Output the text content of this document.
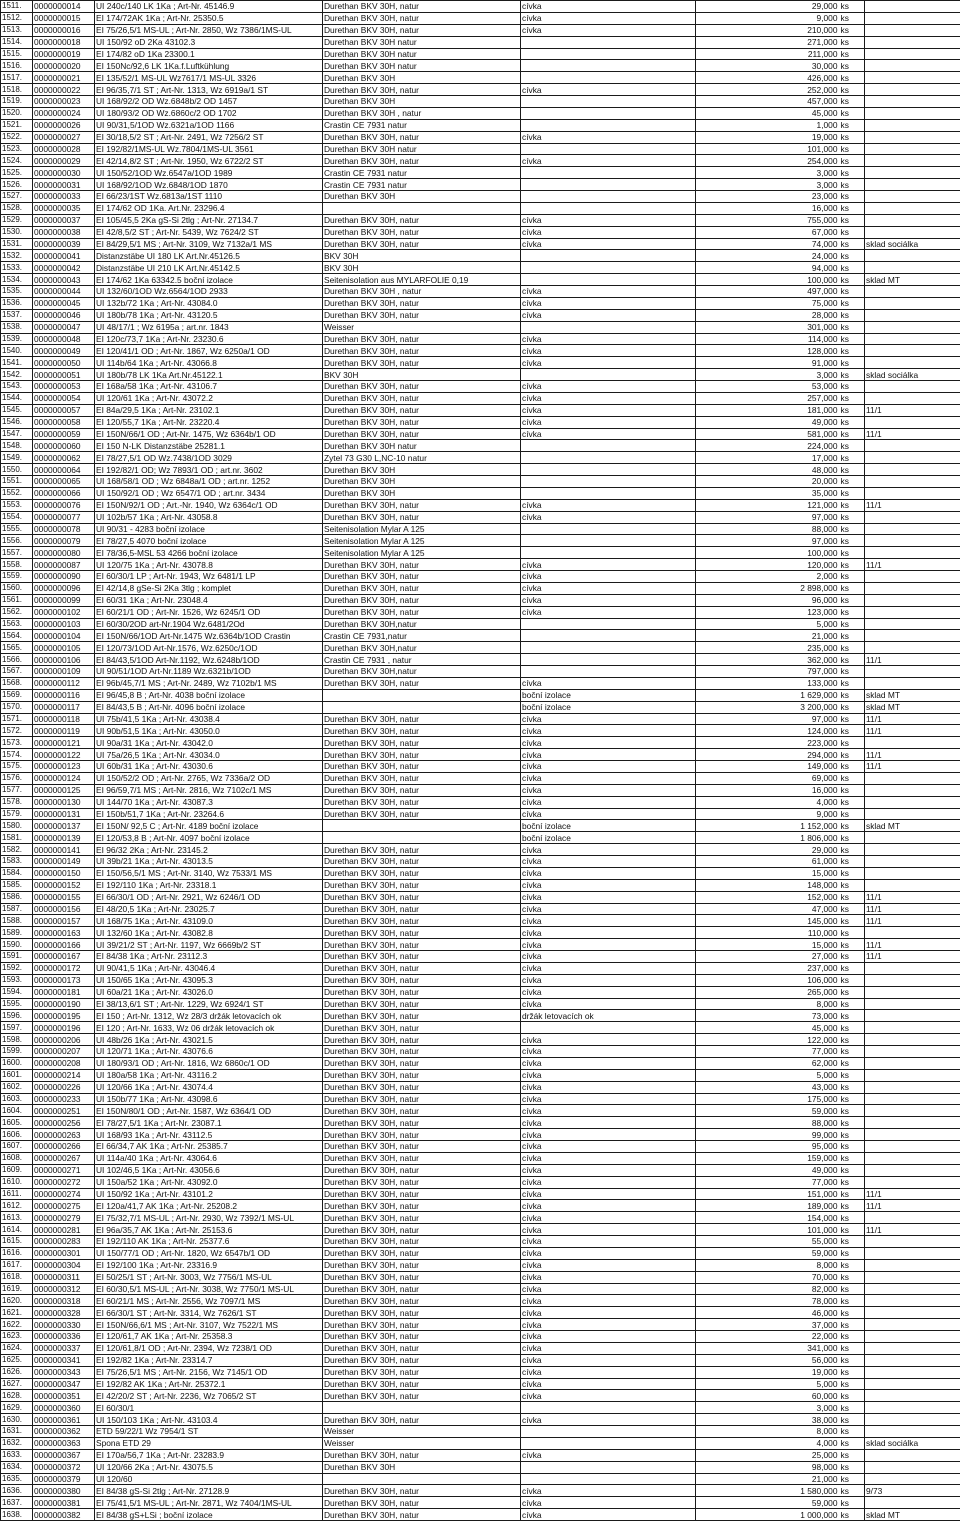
1511.	0000000014	UI 240c/140 LK 1Ka ; Art-Nr. 45146.9	Durethan BKV 30H, natur	cívka	29,000	ks	
1512.	0000000015	EI 174/72AK 1Ka ; Art-Nr. 25350.5	Durethan BKV 30H, natur	cívka	9,000	ks	
1513.	0000000016	EI 75/26,5/1 MS-UL ; Art-Nr. 2850, Wz 7386/1MS-UL	Durethan BKV 30H, natur	cívka	210,000	ks	
1514.	0000000018	UI 150/92 oD 2Ka 43102.3	Durethan BKV 30H natur		271,000	ks	
1515.	0000000019	EI 174/82 oD 1Ka 23300.1	Durethan BKV 30H natur		211,000	ks	
1516.	0000000020	EI 150Nc/92,6 LK 1Ka.f.Luftkühlung	Durethan BKV 30H natur		30,000	ks	
1517.	0000000021	EI 135/52/1 MS-UL Wz7617/1 MS-UL 3326	Durethan BKV 30H		426,000	ks	
1518.	0000000022	EI 96/35,7/1 ST ; Art-Nr. 1313, Wz 6919a/1 ST	Durethan BKV 30H, natur	cívka	252,000	ks	
1519.	0000000023	UI 168/92/2 OD Wz.6848b/2 OD 1457	Durethan BKV 30H		457,000	ks	
1520.	0000000024	UI 180/93/2 OD Wz.6860c/2 OD 1702	Durethan BKV 30H , natur		45,000	ks	
1521.	0000000026	UI 90/31,5/1OD Wz.6321a/1OD 1166	Crastin CE 7931 natur		1,000	ks	
1522.	0000000027	EI 30/18,5/2 ST ; Art-Nr. 2491, Wz 7256/2 ST	Durethan BKV 30H, natur	cívka	19,000	ks	
1523.	0000000028	EI 192/82/1MS-UL Wz.7804/1MS-UL 3561	Durethan BKV 30H natur		101,000	ks	
1524.	0000000029	EI 42/14,8/2 ST ; Art-Nr. 1950, Wz 6722/2 ST	Durethan BKV 30H, natur	cívka	254,000	ks	
1525.	0000000030	UI 150/52/1OD Wz.6547a/1OD 1989	Crastin CE 7931 natur		3,000	ks	
1526.	0000000031	UI 168/92/1OD Wz.6848/1OD 1870	Crastin CE 7931 natur		3,000	ks	
1527.	0000000033	EI 66/23/1ST Wz.6813a/1ST 1110	Durethan BKV 30H		23,000	ks	
1528.	0000000035	EI 174/62 OD 1Ka. Art.Nr. 23296.4			16,000	ks	
1529.	0000000037	EI 105/45,5 2Ka gS-Si 2tlg ; Art-Nr. 27134.7	Durethan BKV 30H, natur	cívka	755,000	ks	
1530.	0000000038	EI 42/8,5/2 ST ; Art-Nr. 5439, Wz 7624/2 ST	Durethan BKV 30H, natur	cívka	67,000	ks	
1531.	0000000039	EI 84/29,5/1 MS ; Art-Nr. 3109, Wz 7132a/1 MS	Durethan BKV 30H, natur	cívka	74,000	ks	sklad sociálka
1532.	0000000041	Distanzstäbe UI 180 LK Art.Nr.45126.5	BKV 30H		24,000	ks	
1533.	0000000042	Distanzstäbe UI 210 LK Art.Nr.45142.5	BKV 30H		94,000	ks	
1534.	0000000043	EI 174/62 1Ka 63342.5 boční izolace	Seitenisolation aus MYLARFOLIE 0,19		100,000	ks	sklad MT
1535.	0000000044	UI 132/60/1OD Wz.6564/1OD 2933	Durethan BKV 30H , natur	cívka	497,000	ks	
1536.	0000000045	UI 132b/72 1Ka ; Art-Nr. 43084.0	Durethan BKV 30H, natur	cívka	75,000	ks	
1537.	0000000046	UI 180b/78 1Ka ; Art-Nr. 43120.5	Durethan BKV 30H, natur	cívka	28,000	ks	
1538.	0000000047	UI 48/17/1 ; Wz 6195a ; art.nr. 1843	Weisser		301,000	ks	
1539.	0000000048	EI 120c/73,7 1Ka ; Art-Nr. 23230.6	Durethan BKV 30H, natur	cívka	114,000	ks	
1540.	0000000049	EI 120/41/1 OD ; Art-Nr. 1867, Wz 6250a/1 OD	Durethan BKV 30H, natur	cívka	128,000	ks	
1541.	0000000050	UI 114b/64 1Ka ; Art-Nr. 43066.8	Durethan BKV 30H, natur	cívka	91,000	ks	
1542.	0000000051	UI 180b/78 LK 1Ka Art.Nr.45122.1	BKV 30H		3,000	ks	sklad sociálka
1543.	0000000053	EI 168a/58 1Ka ; Art-Nr. 43106.7	Durethan BKV 30H, natur	cívka	53,000	ks	
1544.	0000000054	UI 120/61 1Ka ; Art-Nr. 43072.2	Durethan BKV 30H, natur	cívka	257,000	ks	
1545.	0000000057	EI 84a/29,5 1Ka ; Art-Nr. 23102.1	Durethan BKV 30H, natur	cívka	181,000	ks	11/1
1546.	0000000058	EI 120/55,7 1Ka ; Art-Nr. 23220.4	Durethan BKV 30H, natur	cívka	49,000	ks	
1547.	0000000059	EI 150N/66/1 OD ; Art-Nr. 1475, Wz 6364b/1 OD	Durethan BKV 30H, natur	cívka	581,000	ks	11/1
1548.	0000000060	EI 150 N-LK Distanzstäbe 25281.1	Durethan BKV 30H natur		224,000	ks	
1549.	0000000062	EI 78/27,5/1 OD Wz.7438/1OD 3029	Zytel 73 G30 L,NC-10 natur		17,000	ks	
1550.	0000000064	EI 192/82/1 OD; Wz 7893/1 OD ; art.nr. 3602	Durethan BKV 30H		48,000	ks	
1551.	0000000065	UI 168/58/1 OD ; Wz 6848a/1 OD ; art.nr. 1252	Durethan BKV 30H		20,000	ks	
1552.	0000000066	UI 150/92/1 OD ; Wz 6547/1 OD ; art.nr. 3434	Durethan BKV 30H		35,000	ks	
1553.	0000000076	EI 150N/92/1 OD ; Art.-Nr. 1940, Wz 6364c/1 OD	Durethan BKV 30H, natur	cívka	121,000	ks	11/1
1554.	0000000077	UI 102b/57 1Ka ; Art-Nr. 43058.8	Durethan BKV 30H, natur	cívka	97,000	ks	
1555.	0000000078	UI 90/31 - 4283 boční izolace	Seitenisolation Mylar A 125		88,000	ks	
1556.	0000000079	EI 78/27,5 4070 boční izolace	Seitenisolation Mylar A 125		97,000	ks	
1557.	0000000080	EI 78/36,5-MSL 53 4266 boční izolace	Seitenisolation Mylar A 125		100,000	ks	
1558.	0000000087	UI 120/75 1Ka ; Art-Nr. 43078.8	Durethan BKV 30H, natur	cívka	120,000	ks	11/1
1559.	0000000090	EI 60/30/1 LP ; Art-Nr. 1943, Wz 6481/1 LP	Durethan BKV 30H, natur	cívka	2,000	ks	
1560.	0000000096	EI 42/14,8 gSe-Si 2Ka 3tlg ; komplet	Durethan BKV 30H, natur	cívka	2 898,000	ks	
1561.	0000000099	EI 60/31 1Ka ; Art-Nr. 23048.4	Durethan BKV 30H, natur	cívka	96,000	ks	
1562.	0000000102	EI 60/21/1 OD ; Art-Nr. 1526, Wz 6245/1 OD	Durethan BKV 30H, natur	cívka	123,000	ks	
1563.	0000000103	EI 60/30/2OD art-Nr.1904 Wz.6481/2Od	Durethan BKV 30H,natur		5,000	ks	
1564.	0000000104	EI 150N/66/1OD Art-Nr.1475 Wz.6364b/1OD Crastin	Crastin CE 7931,natur		21,000	ks	
1565.	0000000105	EI 120/73/1OD Art-Nr.1576, Wz.6250c/1OD	Durethan BKV 30H,natur		235,000	ks	
1566.	0000000106	EI 84/43,5/1OD Art-Nr.1192, Wz.6248b/1OD	Crastin CE 7931 , natur		362,000	ks	11/1
1567.	0000000109	UI 90/51/1OD Art-Nr.1189 Wz.6321b/1OD	Durethan BKV 30H,natur		797,000	ks	
1568.	0000000112	EI 96b/45,7/1 MS ; Art-Nr. 2489, Wz 7102b/1 MS	Durethan BKV 30H, natur	cívka	133,000	ks	
1569.	0000000116	EI 96/45,8 B ; Art-Nr. 4038 boční izolace		boční izolace	1 629,000	ks	sklad MT
1570.	0000000117	EI 84/43,5 B ; Art-Nr. 4096 boční izolace		boční izolace	3 200,000	ks	sklad MT
1571.	0000000118	UI 75b/41,5 1Ka ; Art-Nr. 43038.4	Durethan BKV 30H, natur	cívka	97,000	ks	11/1
1572.	0000000119	UI 90b/51,5 1Ka ; Art-Nr. 43050.0	Durethan BKV 30H, natur	cívka	124,000	ks	11/1
1573.	0000000121	UI 90a/31 1Ka ; Art-Nr. 43042.0	Durethan BKV 30H, natur	cívka	223,000	ks	
1574.	0000000122	UI 75a/26,5 1Ka ; Art-Nr. 43034.0	Durethan BKV 30H, natur	cívka	294,000	ks	11/1
1575.	0000000123	UI 60b/31 1Ka ; Art-Nr. 43030.6	Durethan BKV 30H, natur	cívka	149,000	ks	11/1
1576.	0000000124	UI 150/52/2 OD ; Art-Nr. 2765, Wz 7336a/2 OD	Durethan BKV 30H, natur	cívka	69,000	ks	
1577.	0000000125	EI 96/59,7/1 MS ; Art-Nr. 2816, Wz 7102c/1 MS	Durethan BKV 30H, natur	cívka	16,000	ks	
1578.	0000000130	UI 144/70 1Ka ; Art-Nr. 43087.3	Durethan BKV 30H, natur	cívka	4,000	ks	
1579.	0000000131	EI 150b/51,7 1Ka ; Art-Nr. 23264.6	Durethan BKV 30H, natur	cívka	9,000	ks	
1580.	0000000137	EI 150N/ 92,5 C ; Art-Nr. 4189 boční izolace		boční izolace	1 152,000	ks	sklad MT
1581.	0000000139	EI 120/53,8 B ; Art-Nr. 4097 boční izolace		boční izolace	1 806,000	ks	
1582.	0000000141	EI 96/32 2Ka ; Art-Nr. 23145.2	Durethan BKV 30H, natur	cívka	29,000	ks	
1583.	0000000149	UI 39b/21 1Ka ; Art-Nr. 43013.5	Durethan BKV 30H, natur	cívka	61,000	ks	
1584.	0000000150	EI 150/56,5/1 MS ; Art-Nr. 3140, Wz 7533/1 MS	Durethan BKV 30H, natur	cívka	15,000	ks	
1585.	0000000152	EI 192/110 1Ka ; Art-Nr. 23318.1	Durethan BKV 30H, natur	cívka	148,000	ks	
1586.	0000000155	EI 66/30/1 OD ; Art-Nr. 2921, Wz 6246/1 OD	Durethan BKV 30H, natur	cívka	152,000	ks	11/1
1587.	0000000156	EI 48/20,5 1Ka ; Art-Nr. 23025.7	Durethan BKV 30H, natur	cívka	47,000	ks	11/1
1588.	0000000157	UI 168/75 1Ka ; Art-Nr. 43109.0	Durethan BKV 30H, natur	cívka	145,000	ks	11/1
1589.	0000000163	UI 132/60 1Ka ; Art-Nr. 43082.8	Durethan BKV 30H, natur	cívka	110,000	ks	
1590.	0000000166	UI 39/21/2 ST ; Art-Nr. 1197, Wz 6669b/2 ST	Durethan BKV 30H, natur	cívka	15,000	ks	11/1
1591.	0000000167	EI 84/38 1Ka ; Art-Nr. 23112.3	Durethan BKV 30H, natur	cívka	27,000	ks	11/1
1592.	0000000172	UI 90/41,5 1Ka ; Art-Nr. 43046.4	Durethan BKV 30H, natur	cívka	237,000	ks	
1593.	0000000173	UI 150/65 1Ka ; Art-Nr. 43095.3	Durethan BKV 30H, natur	cívka	106,000	ks	
1594.	0000000181	UI 60a/21 1Ka ; Art-Nr. 43026.0	Durethan BKV 30H, natur	cívka	265,000	ks	
1595.	0000000190	EI 38/13,6/1 ST ; Art-Nr. 1229, Wz 6924/1 ST	Durethan BKV 30H, natur	cívka	8,000	ks	
1596.	0000000195	EI 150 ; Art-Nr. 1312, Wz 28/3 držák letovacích ok	Durethan BKV 30H, natur	držák letovacích ok	73,000	ks	
1597.	0000000196	EI 120 ; Art-Nr. 1633, Wz 06 držák letovacích ok	Durethan BKV 30H, natur		45,000	ks	
1598.	0000000206	UI 48b/26 1Ka ; Art-Nr. 43021.5	Durethan BKV 30H, natur	cívka	122,000	ks	
1599.	0000000207	UI 120/71 1Ka ; Art-Nr. 43076.6	Durethan BKV 30H, natur	cívka	77,000	ks	
1600.	0000000208	UI 180/93/1 OD ; Art-Nr. 1816, Wz 6860c/1 OD	Durethan BKV 30H, natur	cívka	62,000	ks	
1601.	0000000214	UI 180a/58 1Ka ; Art-Nr. 43116.2	Durethan BKV 30H, natur	cívka	5,000	ks	
1602.	0000000226	UI 120/66 1Ka ; Art-Nr. 43074.4	Durethan BKV 30H, natur	cívka	43,000	ks	
1603.	0000000233	UI 150b/77 1Ka ; Art-Nr. 43098.6	Durethan BKV 30H, natur	cívka	175,000	ks	
1604.	0000000251	EI 150N/80/1 OD ; Art-Nr. 1587, Wz 6364/1 OD	Durethan BKV 30H, natur	cívka	59,000	ks	
1605.	0000000256	EI 78/27,5/1 1Ka ; Art-Nr. 23087.1	Durethan BKV 30H, natur	cívka	88,000	ks	
1606.	0000000263	UI 168/93 1Ka ; Art-Nr. 43112.5	Durethan BKV 30H, natur	cívka	99,000	ks	
1607.	0000000266	EI 66/34,7 AK 1Ka ; Art-Nr. 25385.7	Durethan BKV 30H, natur	cívka	95,000	ks	
1608.	0000000267	UI 114a/40 1Ka ; Art-Nr. 43064.6	Durethan BKV 30H, natur	cívka	159,000	ks	
1609.	0000000271	UI 102/46,5 1Ka ; Art-Nr. 43056.6	Durethan BKV 30H, natur	cívka	49,000	ks	
1610.	0000000272	UI 150a/52 1Ka ; Art-Nr. 43092.0	Durethan BKV 30H, natur	cívka	77,000	ks	
1611.	0000000274	UI 150/92 1Ka ; Art-Nr. 43101.2	Durethan BKV 30H, natur	cívka	151,000	ks	11/1
1612.	0000000275	EI 120a/41,7 AK 1Ka ; Art-Nr. 25208.2	Durethan BKV 30H, natur	cívka	189,000	ks	11/1
1613.	0000000279	EI 75/32,7/1 MS-UL ; Art-Nr. 2930, Wz 7392/1 MS-UL	Durethan BKV 30H, natur	cívka	154,000	ks	
1614.	0000000281	EI 96a/35,7 AK 1Ka ; Art-Nr. 25153.6	Durethan BKV 30H, natur	cívka	101,000	ks	11/1
1615.	0000000283	EI 192/110 AK 1Ka ; Art-Nr. 25377.6	Durethan BKV 30H, natur	cívka	55,000	ks	
1616.	0000000301	UI 150/77/1 OD ; Art-Nr. 1820, Wz 6547b/1 OD	Durethan BKV 30H, natur	cívka	59,000	ks	
1617.	0000000304	EI 192/100 1Ka ; Art-Nr. 23316.9	Durethan BKV 30H, natur	cívka	8,000	ks	
1618.	0000000311	EI 50/25/1 ST ; Art-Nr. 3003, Wz 7756/1 MS-UL	Durethan BKV 30H, natur	cívka	70,000	ks	
1619.	0000000312	EI 60/30,5/1 MS-UL ; Art-Nr. 3038, Wz 7750/1 MS-UL	Durethan BKV 30H, natur	cívka	82,000	ks	
1620.	0000000318	EI 60/21/1 MS ; Art-Nr. 2556, Wz 7097/1 MS	Durethan BKV 30H, natur	cívka	78,000	ks	
1621.	0000000328	EI 66/30/1 ST ; Art-Nr. 3314, Wz 7626/1 ST	Durethan BKV 30H, natur	cívka	46,000	ks	
1622.	0000000330	EI 150N/66,6/1 MS ; Art-Nr. 3107, Wz 7522/1 MS	Durethan BKV 30H, natur	cívka	37,000	ks	
1623.	0000000336	EI 120/61,7 AK 1Ka ; Art-Nr. 25358.3	Durethan BKV 30H, natur	cívka	22,000	ks	
1624.	0000000337	EI 120/61,8/1 OD ; Art-Nr. 2394, Wz 7238/1 OD	Durethan BKV 30H, natur	cívka	341,000	ks	
1625.	0000000341	EI 192/82 1Ka ; Art-Nr. 23314.7	Durethan BKV 30H, natur	cívka	56,000	ks	
1626.	0000000343	EI 75/26,5/1 MS ; Art-Nr. 2156, Wz 7145/1 OD	Durethan BKV 30H, natur	cívka	19,000	ks	
1627.	0000000347	EI 192/82 AK 1Ka ; Art-Nr. 25372.1	Durethan BKV 30H, natur	cívka	5,000	ks	
1628.	0000000351	EI 42/20/2 ST ; Art-Nr. 2236, Wz 7065/2 ST	Durethan BKV 30H, natur	cívka	60,000	ks	
1629.	0000000360	EI 60/30/1			3,000	ks	
1630.	0000000361	UI 150/103 1Ka ; Art-Nr. 43103.4	Durethan BKV 30H, natur	cívka	38,000	ks	
1631.	0000000362	ETD 59/22/1 Wz 7954/1 ST	Weisser		8,000	ks	
1632.	0000000363	Spona ETD 29	Weisser		4,000	ks	sklad sociálka
1633.	0000000367	EI 170a/56,7 1Ka ; Art-Nr. 23283.9	Durethan BKV 30H, natur	cívka	25,000	ks	
1634.	0000000372	UI 120/66 2Ka ; Art-Nr. 43075.5	Durethan BKV 30H		98,000	ks	
1635.	0000000379	UI 120/60			21,000	ks	
1636.	0000000380	EI 84/38 gS-Si 2tlg ; Art-Nr. 27128.9	Durethan BKV 30H, natur	cívka	1 580,000	ks	9/73
1637.	0000000381	EI 75/41,5/1 MS-UL ; Art-Nr. 2871, Wz 7404/1MS-UL	Durethan BKV 30H, natur	cívka	59,000	ks	
1638.	0000000382	EI 84/38 gS+LSi ; boční izolace	Durethan BKV 30H, natur	cívka	1 000,000	ks	sklad MT
